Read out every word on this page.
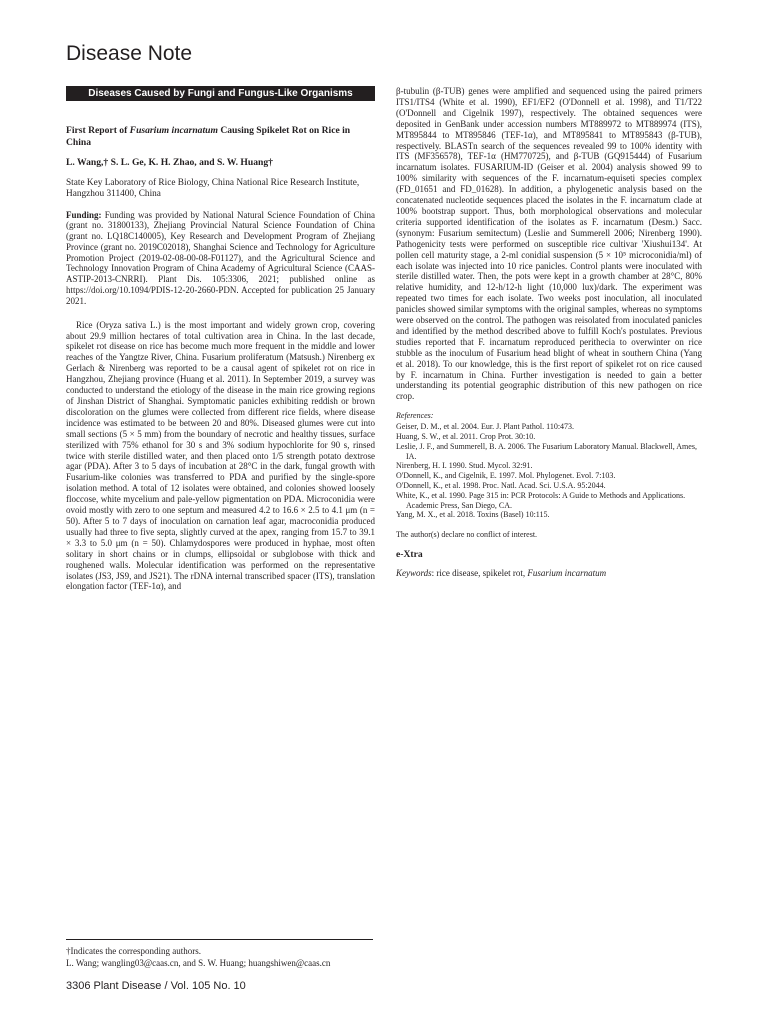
Disease Note
Diseases Caused by Fungi and Fungus-Like Organisms

First Report of Fusarium incarnatum Causing Spikelet Rot on Rice in China

L. Wang,† S. L. Ge, K. H. Zhao, and S. W. Huang†

State Key Laboratory of Rice Biology, China National Rice Research Institute, Hangzhou 311400, China

Funding: Funding was provided by National Natural Science Foundation of China (grant no. 31800133), Zhejiang Provincial Natural Science Foundation of China (grant no. LQ18C140005), Key Research and Development Program of Zhejiang Province (grant no. 2019C02018), Shanghai Science and Technology for Agriculture Promotion Project (2019-02-08-00-08-F01127), and the Agricultural Science and Technology Innovation Program of China Academy of Agricultural Science (CAAS-ASTIP-2013-CNRRI). Plant Dis. 105:3306, 2021; published online as https://doi.org/10.1094/PDIS-12-20-2660-PDN. Accepted for publication 25 January 2021.

Rice (Oryza sativa L.) is the most important and widely grown crop, covering about 29.9 million hectares of total cultivation area in China. In the last decade, spikelet rot disease on rice has become much more frequent in the middle and lower reaches of the Yangtze River, China. Fusarium proliferatum (Matsush.) Nirenberg ex Gerlach & Nirenberg was reported to be a causal agent of spikelet rot on rice in Hangzhou, Zhejiang province (Huang et al. 2011). In September 2019, a survey was conducted to understand the etiology of the disease in the main rice growing regions of Jinshan District of Shanghai. Symptomatic panicles exhibiting reddish or brown discoloration on the glumes were collected from different rice fields, where disease incidence was estimated to be between 20 and 80%. Diseased glumes were cut into small sections (5 × 5 mm) from the boundary of necrotic and healthy tissues, surface sterilized with 75% ethanol for 30 s and 3% sodium hypochlorite for 90 s, rinsed twice with sterile distilled water, and then placed onto 1/5 strength potato dextrose agar (PDA). After 3 to 5 days of incubation at 28°C in the dark, fungal growth with Fusarium-like colonies was transferred to PDA and purified by the single-spore isolation method. A total of 12 isolates were obtained, and colonies showed loosely floccose, white mycelium and pale-yellow pigmentation on PDA. Microconidia were ovoid mostly with zero to one septum and measured 4.2 to 16.6 × 2.5 to 4.1 μm (n = 50). After 5 to 7 days of inoculation on carnation leaf agar, macroconidia produced usually had three to five septa, slightly curved at the apex, ranging from 15.7 to 39.1 × 3.3 to 5.0 μm (n = 50). Chlamydospores were produced in hyphae, most often solitary in short chains or in clumps, ellipsoidal or subglobose with thick and roughened walls. Molecular identification was performed on the representative isolates (JS3, JS9, and JS21). The rDNA internal transcribed spacer (ITS), translation elongation factor (TEF-1α), and

β-tubulin (β-TUB) genes were amplified and sequenced using the paired primers ITS1/ITS4 (White et al. 1990), EF1/EF2 (O'Donnell et al. 1998), and T1/T22 (O'Donnell and Cigelnik 1997), respectively. The obtained sequences were deposited in GenBank under accession numbers MT889972 to MT889974 (ITS), MT895844 to MT895846 (TEF-1α), and MT895841 to MT895843 (β-TUB), respectively. BLASTn search of the sequences revealed 99 to 100% identity with ITS (MF356578), TEF-1α (HM770725), and β-TUB (GQ915444) of Fusarium incarnatum isolates. FUSARIUM-ID (Geiser et al. 2004) analysis showed 99 to 100% similarity with sequences of the F. incarnatum-equiseti species complex (FD_01651 and FD_01628). In addition, a phylogenetic analysis based on the concatenated nucleotide sequences placed the isolates in the F. incarnatum clade at 100% bootstrap support. Thus, both morphological observations and molecular criteria supported identification of the isolates as F. incarnatum (Desm.) Sacc. (synonym: Fusarium semitectum) (Leslie and Summerell 2006; Nirenberg 1990). Pathogenicity tests were performed on susceptible rice cultivar 'Xiushui134'. At pollen cell maturity stage, a 2-ml conidial suspension (5 × 10⁵ microconidia/ml) of each isolate was injected into 10 rice panicles. Control plants were inoculated with sterile distilled water. Then, the pots were kept in a growth chamber at 28°C, 80% relative humidity, and 12-h/12-h light (10,000 lux)/dark. The experiment was repeated two times for each isolate. Two weeks post inoculation, all inoculated panicles showed similar symptoms with the original samples, whereas no symptoms were observed on the control. The pathogen was reisolated from inoculated panicles and identified by the method described above to fulfill Koch's postulates. Previous studies reported that F. incarnatum reproduced perithecia to overwinter on rice stubble as the inoculum of Fusarium head blight of wheat in southern China (Yang et al. 2018). To our knowledge, this is the first report of spikelet rot on rice caused by F. incarnatum in China. Further investigation is needed to gain a better understanding its potential geographic distribution of this new pathogen on rice crop.

References:

Geiser, D. M., et al. 2004. Eur. J. Plant Pathol. 110:473.
Huang, S. W., et al. 2011. Crop Prot. 30:10.
Leslie, J. F., and Summerell, B. A. 2006. The Fusarium Laboratory Manual. Blackwell, Ames, IA.
Nirenberg, H. I. 1990. Stud. Mycol. 32:91.
O'Donnell, K., and Cigelnik, E. 1997. Mol. Phylogenet. Evol. 7:103.
O'Donnell, K., et al. 1998. Proc. Natl. Acad. Sci. U.S.A. 95:2044.
White, K., et al. 1990. Page 315 in: PCR Protocols: A Guide to Methods and Applications. Academic Press, San Diego, CA.
Yang, M. X., et al. 2018. Toxins (Basel) 10:115.

The author(s) declare no conflict of interest.

e-Xtra

Keywords: rice disease, spikelet rot, Fusarium incarnatum

†Indicates the corresponding authors.

L. Wang; wangling03@caas.cn, and S. W. Huang; huangshiwen@caas.cn

3306 Plant Disease / Vol. 105 No. 10
